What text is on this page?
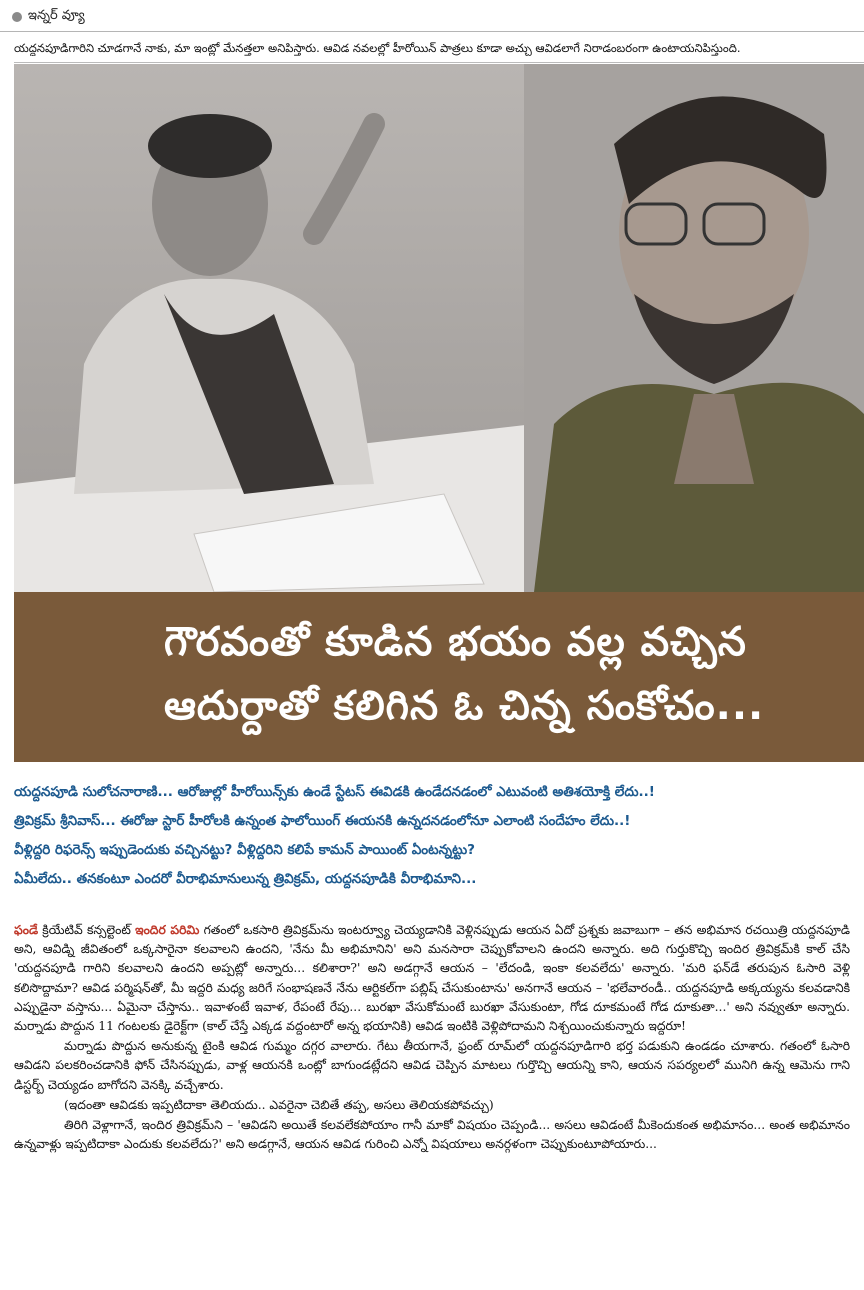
ఇన్నర్ వ్యూ
యద్దనపూడిగారిని చూడగానే నాకు, మా ఇంట్లో మేనత్తలా అనిపిస్తారు. ఆవిడ నవలల్లో హీరోయిన్ పాత్రలు కూడా అచ్చు ఆవిడలాగే నిరాడంబరంగా ఉంటాయనిపిస్తుంది.
గౌరవంతో కూడిన భయం వల్ల వచ్చిన
ఆదుర్దాతో కలిగిన ఓ చిన్న సంకోచం...
యద్దనపూడి సులోచనారాణి... ఆరోజుల్లో హీరోయిన్స్‌కు ఉండే స్టేటస్ ఈవిడకి ఉండేదనడంలో ఎటువంటి అతిశయోక్తి లేదు..!
త్రివిక్రమ్ శ్రీనివాస్... ఈరోజు స్టార్ హీరోలకి ఉన్నంత ఫాలోయింగ్ ఈయనకి ఉన్నదనడంలోనూ ఎలాంటి సందేహం లేదు..!
వీళ్లిద్దరి రిఫరెన్స్ ఇప్పుడెందుకు వచ్చినట్టు? వీళ్లిద్దరిని కలిపే కామన్ పాయింట్ ఏంటన్నట్టు?
ఏమీలేదు.. తనకంటూ ఎందరో వీరాభిమానులున్న త్రివిక్రమ్, యద్దనపూడికి వీరాభిమాని...

ఫండే క్రియేటివ్ కన్సల్టెంట్ ఇందిర పరిమి గతంలో ఒకసారి త్రివిక్రమ్‌ను ఇంటర్వ్యూ చెయ్యడానికి వెళ్లినప్పుడు ఆయన ఏదో ప్రశ్నకు జవాబుగా – తన అభిమాన రచయిత్రి యద్దనపూడి అని, ఆవిడ్ని జీవితంలో ఒక్కసారైనా కలవాలని ఉందని, 'నేను మీ అభిమానిని' అని మనసారా చెప్పుకోవాలని ఉందని అన్నారు. అది గుర్తుకొచ్చి ఇందిర త్రివిక్రమ్‌కి కాల్ చేసి 'యద్దనపూడి గారిని కలవాలని ఉందని అప్పట్లో అన్నారు... కలిశారా?' అని అడగ్గానే ఆయన – 'లేదండి, ఇంకా కలవలేదు' అన్నారు. 'మరి ఫన్‌డే తరుపున ఓసారి వెళ్లి కలిసొద్దామా? ఆవిడ పర్మిషన్‌తో, మీ ఇద్దరి మధ్య జరిగే సంభాషణనే నేను ఆర్టికల్‌గా పబ్లిష్ చేసుకుంటాను' అనగానే ఆయన – 'భలేవారండీ.. యద్దనపూడి అక్కయ్యను కలవడానికి ఎప్పుడైనా వస్తాను... ఏమైనా చేస్తాను.. ఇవాళంటే ఇవాళ, రేపంటే రేపు... బురఖా వేసుకోమంటే బురఖా వేసుకుంటా, గోడ దూకమంటే గోడ దూకుతా...' అని నవ్వుతూ అన్నారు. మర్నాడు పొద్దున 11 గంటలకు డైరెక్ట్‌గా (కాల్ చేస్తే ఎక్కడ వద్దంటారో అన్న భయానికి) ఆవిడ ఇంటికి వెళ్లిపోదామని నిశ్చయించుకున్నారు ఇద్దరూ!

మర్నాడు పొద్దున అనుకున్న టైంకి ఆవిడ గుమ్మం దగ్గర వాలారు. గేటు తీయగానే, ఫ్రంట్ రూమ్‌లో యద్దనపూడిగారి భర్త పడుకుని ఉండడం చూశారు. గతంలో ఓసారి ఆవిడని పలకరించడానికి ఫోన్ చేసినప్పుడు, వాళ్ల ఆయనకి ఒంట్లో బాగుండట్లేదని ఆవిడ చెప్పిన మాటలు గుర్తొచ్చి ఆయన్ని కాని, ఆయన సపర్యలలో మునిగి ఉన్న ఆమెను గాని డిస్టర్బ్ చెయ్యడం బాగోదని వెనక్కి వచ్చేశారు.

(ఇదంతా ఆవిడకు ఇప్పటిదాకా తెలియదు.. ఎవరైనా చెబితే తప్ప, అసలు తెలియకపోవచ్చు)

తిరిగి వెళ్లాగానే, ఇందిర త్రివిక్రమ్‌ని – 'ఆవిడని అయితే కలవలేకపోయాం గానీ మాకో విషయం చెప్పండి... అసలు ఆవిడంటే మీకెందుకంత అభిమానం... అంత అభిమానం ఉన్నవాళ్లు ఇప్పటిదాకా ఎందుకు కలవలేదు?' అని అడగ్గానే, ఆయన ఆవిడ గురించి ఎన్నో విషయాలు అనర్గళంగా చెప్పుకుంటూపోయారు...
